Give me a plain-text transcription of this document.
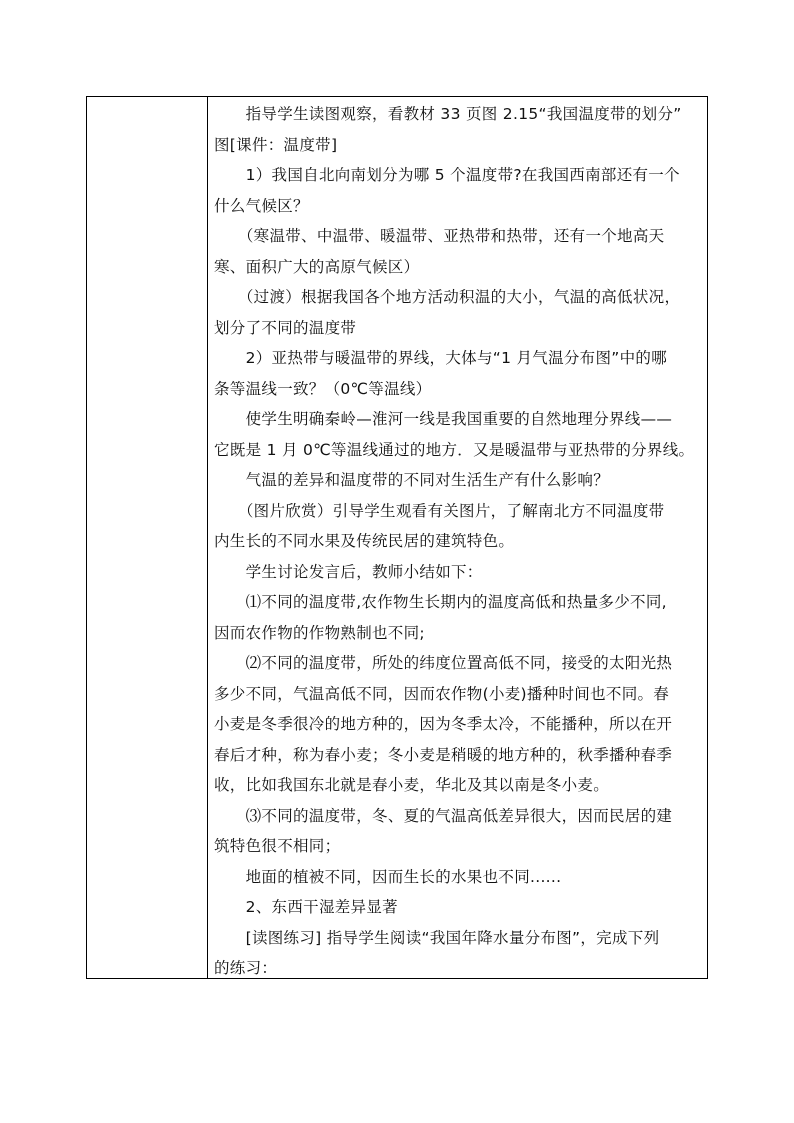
　　指导学生读图观察，看教材 33 页图 2.15“我国温度带的划分”
图[课件：温度带]
　　1）我国自北向南划分为哪 5 个温度带?在我国西南部还有一个
什么气候区？
　　（寒温带、中温带、暖温带、亚热带和热带，还有一个地高天
寒、面积广大的高原气候区）
　　（过渡）根据我国各个地方活动积温的大小，气温的高低状况，
划分了不同的温度带
　　2）亚热带与暖温带的界线，大体与“1 月气温分布图”中的哪
条等温线一致？（0℃等温线）
　　使学生明确秦岭—淮河一线是我国重要的自然地理分界线——
它既是 1 月 0℃等温线通过的地方．又是暖温带与亚热带的分界线。
　　气温的差异和温度带的不同对生活生产有什么影响？
　　（图片欣赏）引导学生观看有关图片，了解南北方不同温度带
内生长的不同水果及传统民居的建筑特色。
　　学生讨论发言后，教师小结如下：
　　⑴不同的温度带,农作物生长期内的温度高低和热量多少不同,
因而农作物的作物熟制也不同;
　　⑵不同的温度带，所处的纬度位置高低不同，接受的太阳光热
多少不同，气温高低不同，因而农作物(小麦)播种时间也不同。春
小麦是冬季很冷的地方种的，因为冬季太冷，不能播种，所以在开
春后才种，称为春小麦；冬小麦是稍暖的地方种的，秋季播种春季
收，比如我国东北就是春小麦，华北及其以南是冬小麦。
　　⑶不同的温度带，冬、夏的气温高低差异很大，因而民居的建
筑特色很不相同；
　　地面的植被不同，因而生长的水果也不同......
　　2、东西干湿差异显著
　　[读图练习] 指导学生阅读“我国年降水量分布图”，完成下列
的练习：
